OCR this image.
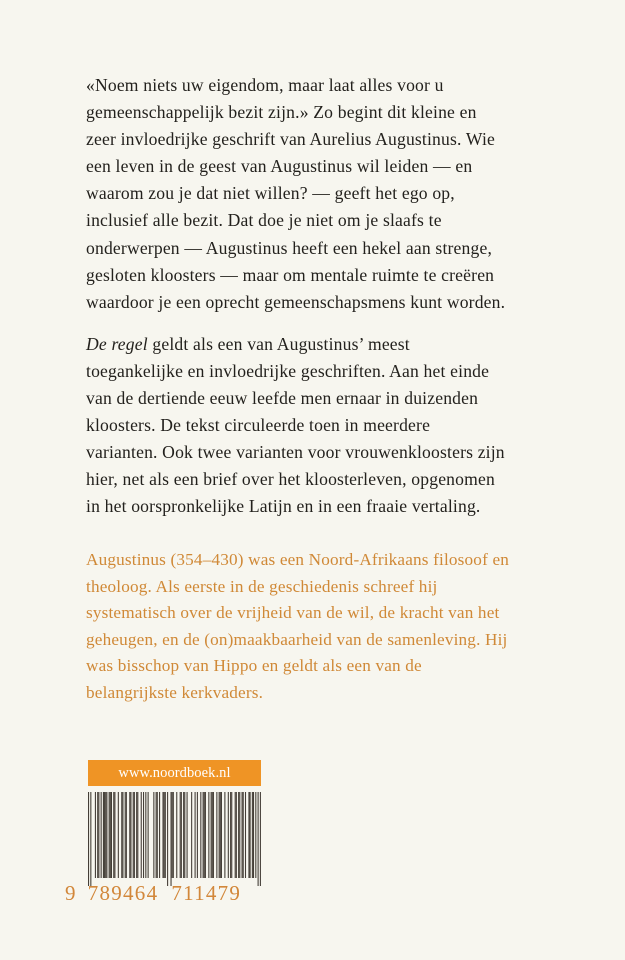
«Noem niets uw eigendom, maar laat alles voor u gemeenschappelijk bezit zijn.» Zo begint dit kleine en zeer invloedrijke geschrift van Aurelius Augustinus. Wie een leven in de geest van Augustinus wil leiden — en waarom zou je dat niet willen? — geeft het ego op, inclusief alle bezit. Dat doe je niet om je slaafs te onderwerpen — Augustinus heeft een hekel aan strenge, gesloten kloosters — maar om mentale ruimte te creëren waardoor je een oprecht gemeenschapsmens kunt worden.

De regel geldt als een van Augustinus’ meest toegankelijke en invloedrijke geschriften. Aan het einde van de dertiende eeuw leefde men ernaar in duizenden kloosters. De tekst circuleerde toen in meerdere varianten. Ook twee varianten voor vrouwenkloosters zijn hier, net als een brief over het kloosterleven, opgenomen in het oorspronkelijke Latijn en in een fraaie vertaling.

Augustinus (354–430) was een Noord-Afrikaans filosoof en theoloog. Als eerste in de geschiedenis schreef hij systematisch over de vrijheid van de wil, de kracht van het geheugen, en de (on)maakbaarheid van de samenleving. Hij was bisschop van Hippo en geldt als een van de belangrijkste kerkvaders.

www.noordboek.nl
9 789464 711479
